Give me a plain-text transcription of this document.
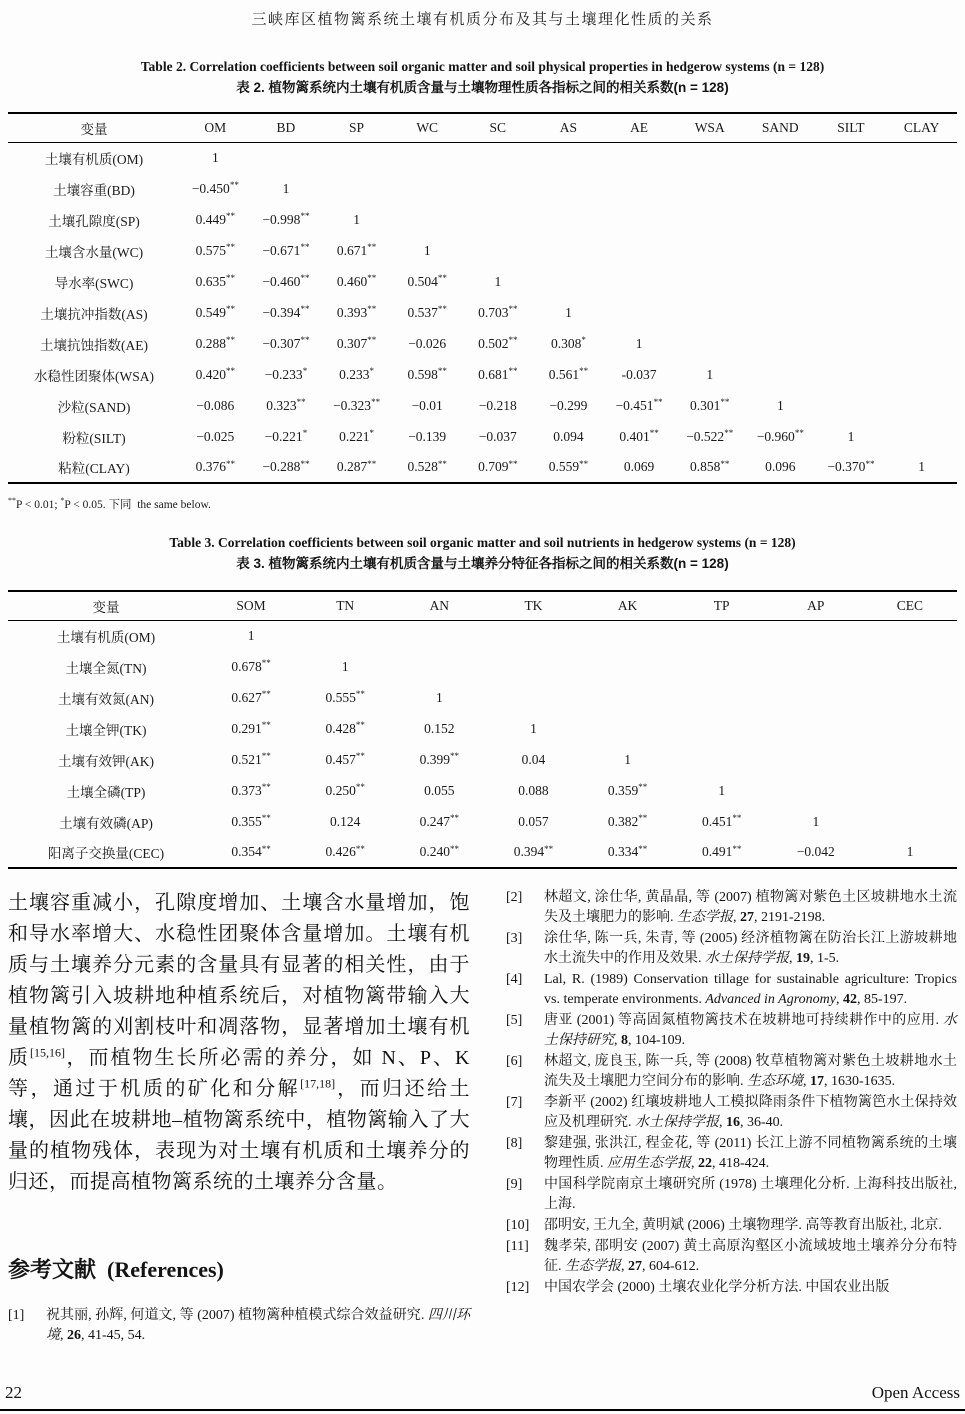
三峡库区植物篱系统土壤有机质分布及其与土壤理化性质的关系
Table 2. Correlation coefficients between soil organic matter and soil physical properties in hedgerow systems (n = 128)
表 2. 植物篱系统内土壤有机质含量与土壤物理性质各指标之间的相关系数(n = 128)
变量	OM	BD	SP	WC	SC	AS	AE	WSA	SAND	SILT	CLAY
土壤有机质(OM)	1										
土壤容重(BD)	−0.450**	1									
土壤孔隙度(SP)	0.449**	−0.998**	1								
土壤含水量(WC)	0.575**	−0.671**	0.671**	1							
导水率(SWC)	0.635**	−0.460**	0.460**	0.504**	1						
土壤抗冲指数(AS)	0.549**	−0.394**	0.393**	0.537**	0.703**	1					
土壤抗蚀指数(AE)	0.288**	−0.307**	0.307**	−0.026	0.502**	0.308*	1				
水稳性团聚体(WSA)	0.420**	−0.233*	0.233*	0.598**	0.681**	0.561**	-0.037	1			
沙粒(SAND)	−0.086	0.323**	−0.323**	−0.01	−0.218	−0.299	−0.451**	0.301**	1		
粉粒(SILT)	−0.025	−0.221*	0.221*	−0.139	−0.037	0.094	0.401**	−0.522**	−0.960**	1	
粘粒(CLAY)	0.376**	−0.288**	0.287**	0.528**	0.709**	0.559**	0.069	0.858**	0.096	−0.370**	1
**P < 0.01; *P < 0.05. 下同 the same below.
Table 3. Correlation coefficients between soil organic matter and soil nutrients in hedgerow systems (n = 128)
表 3. 植物篱系统内土壤有机质含量与土壤养分特征各指标之间的相关系数(n = 128)
变量	SOM	TN	AN	TK	AK	TP	AP	CEC
土壤有机质(OM)	1							
土壤全氮(TN)	0.678**	1						
土壤有效氮(AN)	0.627**	0.555**	1					
土壤全钾(TK)	0.291**	0.428**	0.152	1				
土壤有效钾(AK)	0.521**	0.457**	0.399**	0.04	1			
土壤全磷(TP)	0.373**	0.250**	0.055	0.088	0.359**	1		
土壤有效磷(AP)	0.355**	0.124	0.247**	0.057	0.382**	0.451**	1	
阳离子交换量(CEC)	0.354**	0.426**	0.240**	0.394**	0.334**	0.491**	−0.042	1

土壤容重减小，孔隙度增加、土壤含水量增加，饱和导水率增大、水稳性团聚体含量增加。土壤有机质与土壤养分元素的含量具有显著的相关性，由于植物篱引入坡耕地种植系统后，对植物篱带输入大量植物篱的刈割枝叶和凋落物，显著增加土壤有机质[15,16]，而植物生长所必需的养分，如 N、P、K 等，通过于机质的矿化和分解[17,18]，而归还给土壤，因此在坡耕地–植物篱系统中，植物篱输入了大量的植物残体，表现为对土壤有机质和土壤养分的归还，而提高植物篱系统的土壤养分含量。

参考文献 (References)
[1]	祝其丽, 孙辉, 何道文, 等 (2007) 植物篱种植模式综合效益研究. 四川环境, 26, 41-45, 54.
[2]	林超文, 涂仕华, 黄晶晶, 等 (2007) 植物篱对紫色土区坡耕地水土流失及土壤肥力的影响. 生态学报, 27, 2191-2198.
[3]	涂仕华, 陈一兵, 朱青, 等 (2005) 经济植物篱在防治长江上游坡耕地水土流失中的作用及效果. 水土保持学报, 19, 1-5.
[4]	Lal, R. (1989) Conservation tillage for sustainable agriculture: Tropics vs. temperate environments. Advanced in Agronomy, 42, 85-197.
[5]	唐亚 (2001) 等高固氮植物篱技术在坡耕地可持续耕作中的应用. 水土保持研究, 8, 104-109.
[6]	林超文, 庞良玉, 陈一兵, 等 (2008) 牧草植物篱对紫色土坡耕地水土流失及土壤肥力空间分布的影响. 生态环境, 17, 1630-1635.
[7]	李新平 (2002) 红壤坡耕地人工模拟降雨条件下植物篱笆水土保持效应及机理研究. 水土保持学报, 16, 36-40.
[8]	黎建强, 张洪江, 程金花, 等 (2011) 长江上游不同植物篱系统的土壤物理性质. 应用生态学报, 22, 418-424.
[9]	中国科学院南京土壤研究所 (1978) 土壤理化分析. 上海科技出版社, 上海.
[10]	邵明安, 王九全, 黄明斌 (2006) 土壤物理学. 高等教育出版社, 北京.
[11]	魏孝荣, 邵明安 (2007) 黄土高原沟壑区小流域坡地土壤养分分布特征. 生态学报, 27, 604-612.
[12]	中国农学会 (2000) 土壤农业化学分析方法. 中国农业出版
22	Open Access
